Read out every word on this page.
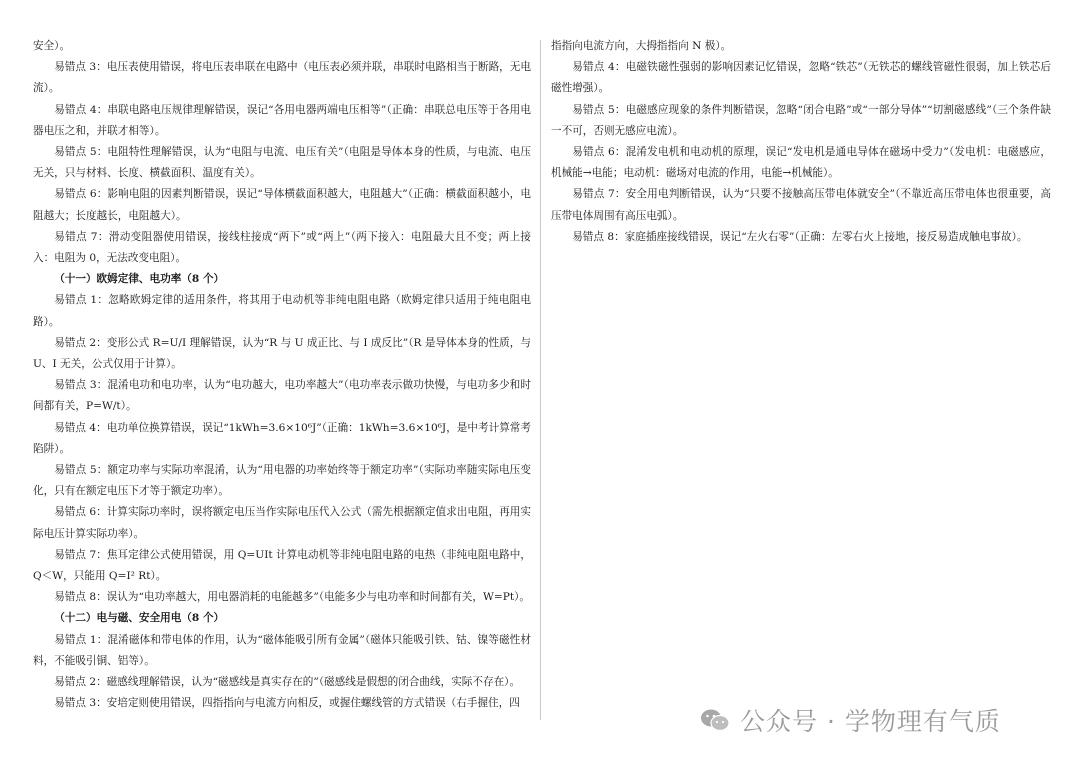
安全）。

易错点 3：电压表使用错误，将电压表串联在电路中（电压表必须并联，串联时电路相当于断路，无电流）。

易错点 4：串联电路电压规律理解错误，误记“各用电器两端电压相等”（正确：串联总电压等于各用电器电压之和，并联才相等）。

易错点 5：电阻特性理解错误，认为“电阻与电流、电压有关”（电阻是导体本身的性质，与电流、电压无关，只与材料、长度、横截面积、温度有关）。

易错点 6：影响电阻的因素判断错误，误记“导体横截面积越大，电阻越大”（正确：横截面积越小，电阻越大；长度越长，电阻越大）。

易错点 7：滑动变阻器使用错误，接线柱接成“两下”或“两上”（两下接入：电阻最大且不变；两上接入：电阻为 0，无法改变电阻）。

（十一）欧姆定律、电功率（8 个）

易错点 1：忽略欧姆定律的适用条件，将其用于电动机等非纯电阻电路（欧姆定律只适用于纯电阻电路）。

易错点 2：变形公式 R=U/I 理解错误，认为“R 与 U 成正比、与 I 成反比”（R 是导体本身的性质，与U、I 无关，公式仅用于计算）。

易错点 3：混淆电功和电功率，认为“电功越大，电功率越大”（电功率表示做功快慢，与电功多少和时间都有关，P=W/t）。

易错点 4：电功单位换算错误，误记“1kWh=3.6×10⁶J”（正确：1kWh=3.6×10⁶J，是中考计算常考陷阱）。

易错点 5：额定功率与实际功率混淆，认为“用电器的功率始终等于额定功率”（实际功率随实际电压变化，只有在额定电压下才等于额定功率）。

易错点 6：计算实际功率时，误将额定电压当作实际电压代入公式（需先根据额定值求出电阻，再用实际电压计算实际功率）。

易错点 7：焦耳定律公式使用错误，用 Q=UIt 计算电动机等非纯电阻电路的电热（非纯电阻电路中，Q＜W，只能用 Q=I² Rt）。

易错点 8：误认为“电功率越大，用电器消耗的电能越多”（电能多少与电功率和时间都有关，W=Pt）。

（十二）电与磁、安全用电（8 个）

易错点 1：混淆磁体和带电体的作用，认为“磁体能吸引所有金属”（磁体只能吸引铁、钴、镍等磁性材料，不能吸引铜、铝等）。

易错点 2：磁感线理解错误，认为“磁感线是真实存在的”（磁感线是假想的闭合曲线，实际不存在）。

易错点 3：安培定则使用错误，四指指向与电流方向相反，或握住螺线管的方式错误（右手握住，四

指指向电流方向，大拇指指向 N 极）。

易错点 4：电磁铁磁性强弱的影响因素记忆错误，忽略“铁芯”（无铁芯的螺线管磁性很弱，加上铁芯后磁性增强）。

易错点 5：电磁感应现象的条件判断错误，忽略“闭合电路”或“一部分导体”“切割磁感线”（三个条件缺一不可，否则无感应电流）。

易错点 6：混淆发电机和电动机的原理，误记“发电机是通电导体在磁场中受力”（发电机：电磁感应，机械能→电能；电动机：磁场对电流的作用，电能→机械能）。

易错点 7：安全用电判断错误，认为“只要不接触高压带电体就安全”（不靠近高压带电体也很重要，高压带电体周围有高压电弧）。

易错点 8：家庭插座接线错误，误记“左火右零”（正确：左零右火上接地，接反易造成触电事故）。

公众号 · 学物理有气质
